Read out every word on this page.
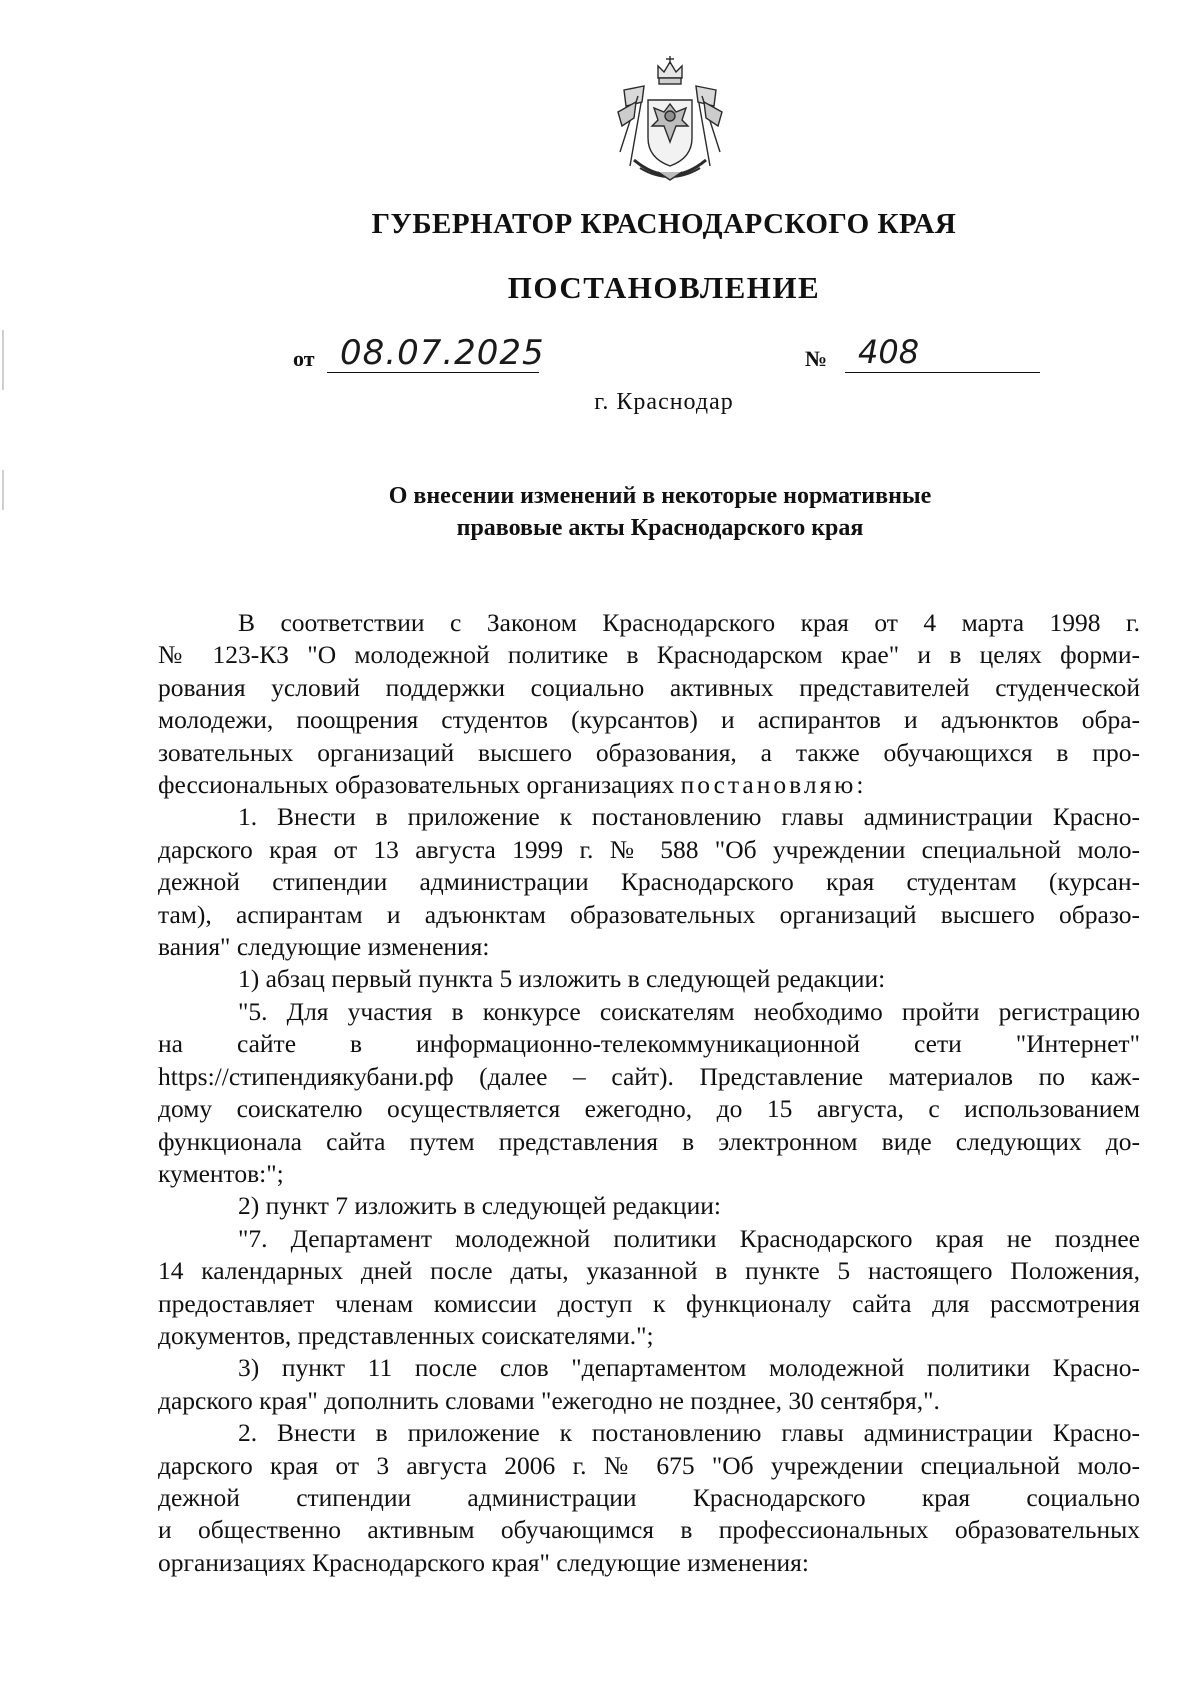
ГУБЕРНАТОР КРАСНОДАРСКОГО КРАЯ
ПОСТАНОВЛЕНИЕ
от 08.07.2025	№ 408
г. Краснодар
О внесении изменений в некоторые нормативные
правовые акты Краснодарского края
В соответствии с Законом Краснодарского края от 4 марта 1998 г.
№ 123-КЗ "О молодежной политике в Краснодарском крае" и в целях форми-
рования условий поддержки социально активных представителей студенческой
молодежи, поощрения студентов (курсантов) и аспирантов и адъюнктов обра-
зовательных организаций высшего образования, а также обучающихся в про-
фессиональных образовательных организациях постановляю:
1. Внести в приложение к постановлению главы администрации Красно-
дарского края от 13 августа 1999 г. № 588 "Об учреждении специальной моло-
дежной стипендии администрации Краснодарского края студентам (курсан-
там), аспирантам и адъюнктам образовательных организаций высшего образо-
вания" следующие изменения:
1) абзац первый пункта 5 изложить в следующей редакции:
"5. Для участия в конкурсе соискателям необходимо пройти регистрацию
на сайте в информационно-телекоммуникационной сети "Интернет"
https://стипендиякубани.рф (далее – сайт). Представление материалов по каж-
дому соискателю осуществляется ежегодно, до 15 августа, с использованием
функционала сайта путем представления в электронном виде следующих до-
кументов:";
2) пункт 7 изложить в следующей редакции:
"7. Департамент молодежной политики Краснодарского края не позднее
14 календарных дней после даты, указанной в пункте 5 настоящего Положения,
предоставляет членам комиссии доступ к функционалу сайта для рассмотрения
документов, представленных соискателями.";
3) пункт 11 после слов "департаментом молодежной политики Красно-
дарского края" дополнить словами "ежегодно не позднее, 30 сентября,".
2. Внести в приложение к постановлению главы администрации Красно-
дарского края от 3 августа 2006 г. № 675 "Об учреждении специальной моло-
дежной стипендии администрации Краснодарского края социально
и общественно активным обучающимся в профессиональных образовательных
организациях Краснодарского края" следующие изменения:
